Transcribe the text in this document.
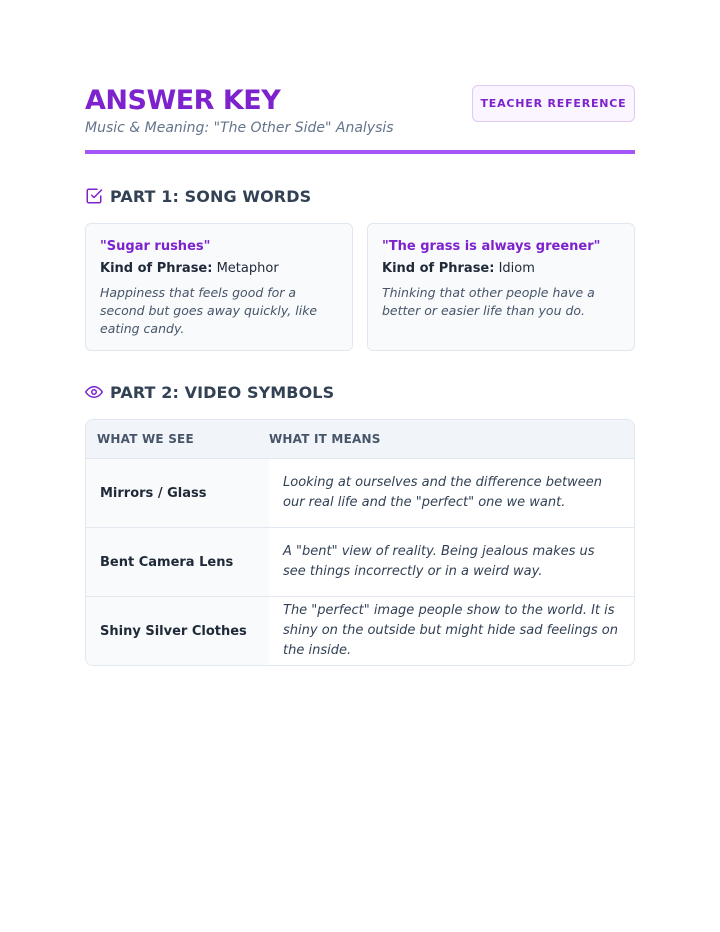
ANSWER KEY
Music & Meaning: "The Other Side" Analysis
TEACHER REFERENCE
PART 1: SONG WORDS
"Sugar rushes"
Kind of Phrase: Metaphor
Happiness that feels good for a second but goes away quickly, like eating candy.
"The grass is always greener"
Kind of Phrase: Idiom
Thinking that other people have a better or easier life than you do.
PART 2: VIDEO SYMBOLS
WHAT WE SEE	WHAT IT MEANS
Mirrors / Glass
Looking at ourselves and the difference between our real life and the "perfect" one we want.
Bent Camera Lens
A "bent" view of reality. Being jealous makes us see things incorrectly or in a weird way.
Shiny Silver Clothes
The "perfect" image people show to the world. It is shiny on the outside but might hide sad feelings on the inside.
